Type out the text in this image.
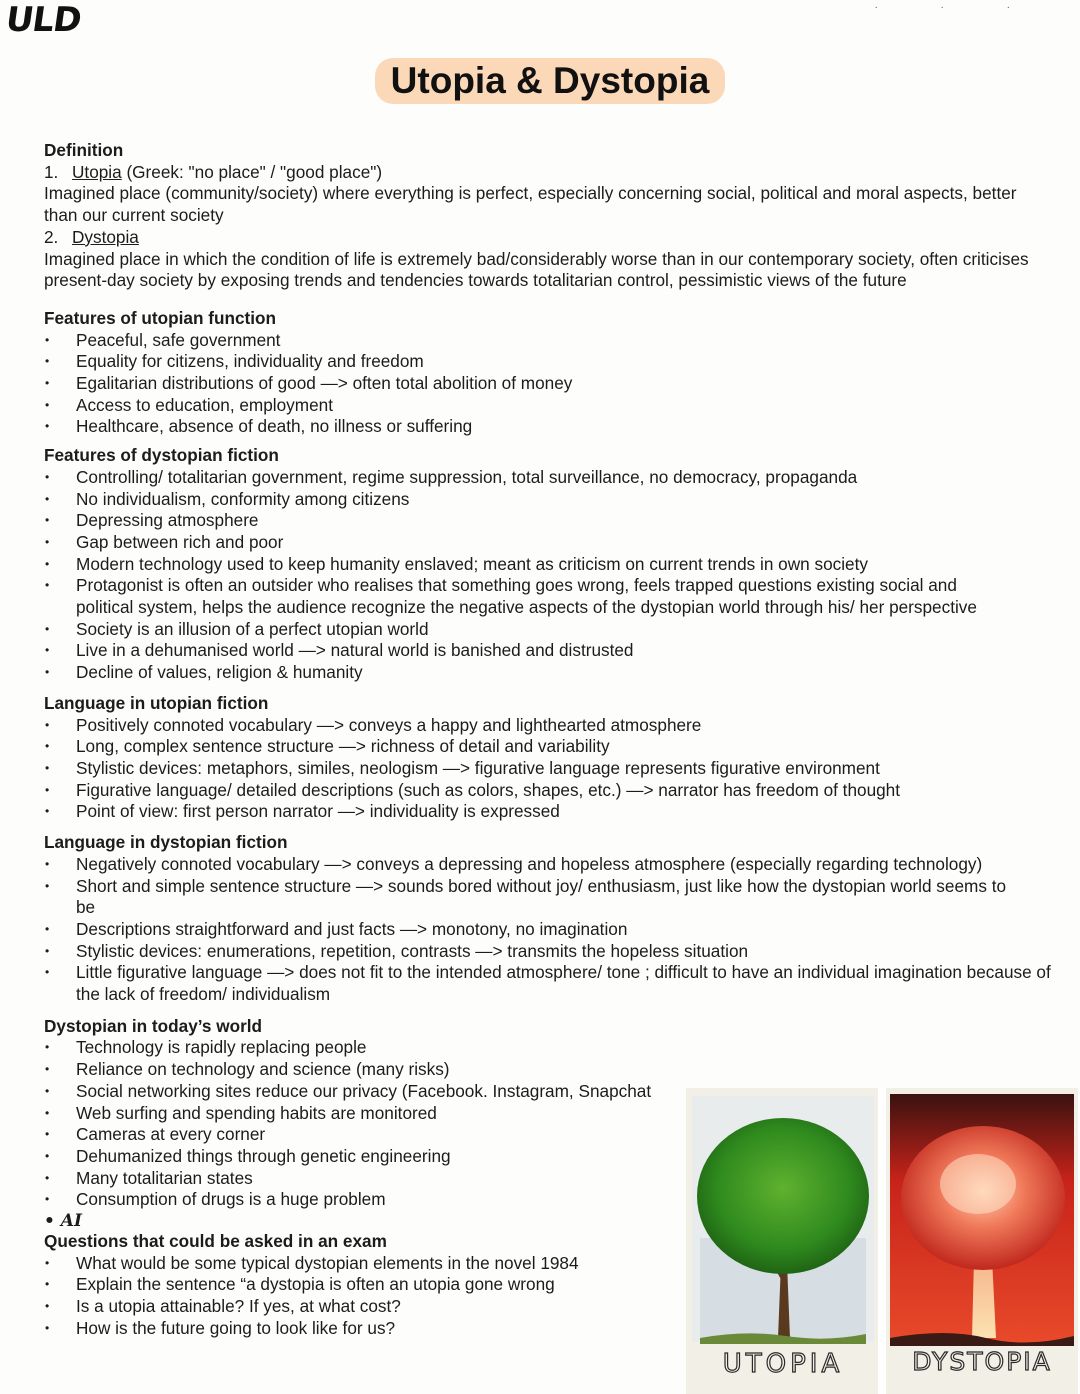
ULD	· · ·
Utopia & Dystopia

Definition

1. Utopia (Greek: "no place" / "good place")

Imagined place (community/society) where everything is perfect, especially concerning social, political and moral aspects, better than our current society

2. Dystopia

Imagined place in which the condition of life is extremely bad/considerably worse than in our contemporary society, often criticises present-day society by exposing trends and tendencies towards totalitarian control, pessimistic views of the future

Features of utopian function

• Peaceful, safe government
• Equality for citizens, individuality and freedom
• Egalitarian distributions of good —> often total abolition of money
• Access to education, employment
• Healthcare, absence of death, no illness or suffering

Features of dystopian fiction

• Controlling/ totalitarian government, regime suppression, total surveillance, no democracy, propaganda
• No individualism, conformity among citizens
• Depressing atmosphere
• Gap between rich and poor
• Modern technology used to keep humanity enslaved; meant as criticism on current trends in own society
• Protagonist is often an outsider who realises that something goes wrong, feels trapped questions existing social and political system, helps the audience recognize the negative aspects of the dystopian world through his/ her perspective
• Society is an illusion of a perfect utopian world
• Live in a dehumanised world —> natural world is banished and distrusted
• Decline of values, religion & humanity

Language in utopian fiction

• Positively connoted vocabulary —> conveys a happy and lighthearted atmosphere
• Long, complex sentence structure —> richness of detail and variability
• Stylistic devices: metaphors, similes, neologism —> figurative language represents figurative environment
• Figurative language/ detailed descriptions (such as colors, shapes, etc.) —> narrator has freedom of thought
• Point of view: first person narrator —> individuality is expressed

Language in dystopian fiction

• Negatively connoted vocabulary —> conveys a depressing and hopeless atmosphere (especially regarding technology)
• Short and simple sentence structure —> sounds bored without joy/ enthusiasm, just like how the dystopian world seems to be
• Descriptions straightforward and just facts —> monotony, no imagination
• Stylistic devices: enumerations, repetition, contrasts —> transmits the hopeless situation
• Little figurative language —> does not fit to the intended atmosphere/ tone ; difficult to have an individual imagination because of the lack of freedom/ individualism

Dystopian in today’s world

• Technology is rapidly replacing people
• Reliance on technology and science (many risks)
• Social networking sites reduce our privacy (Facebook. Instagram, Snapchat
• Web surfing and spending habits are monitored
• Cameras at every corner
• Dehumanized things through genetic engineering
• Many totalitarian states
• Consumption of drugs is a huge problem
• AI

Questions that could be asked in an exam

• What would be some typical dystopian elements in the novel 1984
• Explain the sentence “a dystopia is often an utopia gone wrong
• Is a utopia attainable? If yes, at what cost?
• How is the future going to look like for us?
UTOPIA	DYSTOPIA
